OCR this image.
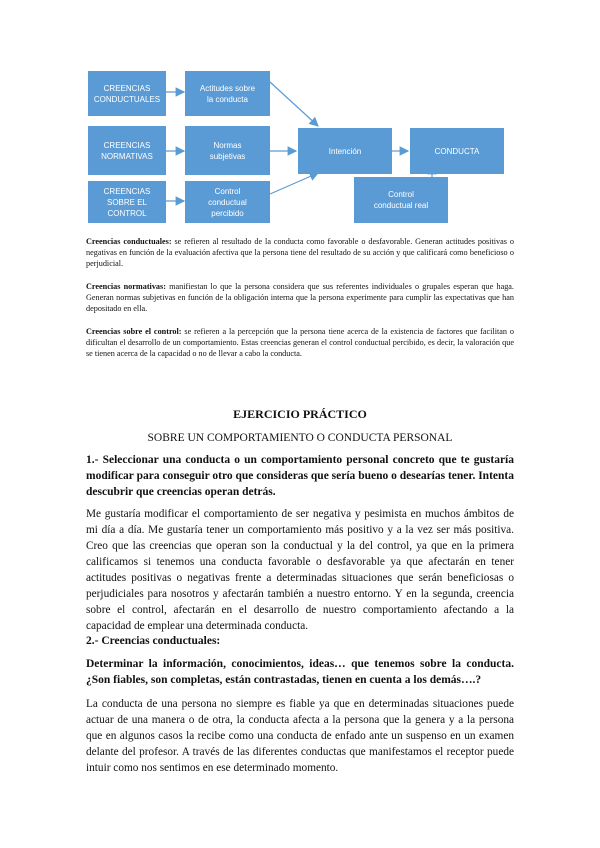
CREENCIAS
CONDUCTUALES
Actitudes sobre
la conducta
CREENCIAS
NORMATIVAS
Normas
subjetivas
CREENCIAS
SOBRE EL
CONTROL
Control
conductual
percibido
Intención	CONDUCTA
Control
conductual real

Creencias conductuales: se refieren al resultado de la conducta como favorable o desfavorable. Generan actitudes positivas o negativas en función de la evaluación afectiva que la persona tiene del resultado de su acción y que calificará como beneficioso o perjudicial.

Creencias normativas: manifiestan lo que la persona considera que sus referentes individuales o grupales esperan que haga. Generan normas subjetivas en función de la obligación interna que la persona experimente para cumplir las expectativas que han depositado en ella.

Creencias sobre el control: se refieren a la percepción que la persona tiene acerca de la existencia de factores que facilitan o dificultan el desarrollo de un comportamiento. Estas creencias generan el control conductual percibido, es decir, la valoración que se tienen acerca de la capacidad o no de llevar a cabo la conducta.

EJERCICIO PRÁCTICO

SOBRE UN COMPORTAMIENTO O CONDUCTA PERSONAL

1.- Seleccionar una conducta o un comportamiento personal concreto que te gustaría modificar para conseguir otro que consideras que sería bueno o desearías tener. Intenta descubrir que creencias operan detrás.

Me gustaría modificar el comportamiento de ser negativa y pesimista en muchos ámbitos de mi día a día. Me gustaría tener un comportamiento más positivo y a la vez ser más positiva. Creo que las creencias que operan son la conductual y la del control, ya que en la primera calificamos si tenemos una conducta favorable o desfavorable ya que afectarán en tener actitudes positivas o negativas frente a determinadas situaciones que serán beneficiosas o perjudiciales para nosotros y afectarán también a nuestro entorno. Y en la segunda, creencia sobre el control, afectarán en el desarrollo de nuestro comportamiento afectando a la capacidad de emplear una determinada conducta.

2.- Creencias conductuales:

Determinar la información, conocimientos, ideas… que tenemos sobre la conducta. ¿Son fiables, son completas, están contrastadas, tienen en cuenta a los demás….?

La conducta de una persona no siempre es fiable ya que en determinadas situaciones puede actuar de una manera o de otra, la conducta afecta a la persona que la genera y a la persona que en algunos casos la recibe como una conducta de enfado ante un suspenso en un examen delante del profesor. A través de las diferentes conductas que manifestamos el receptor puede intuir como nos sentimos en ese determinado momento.
